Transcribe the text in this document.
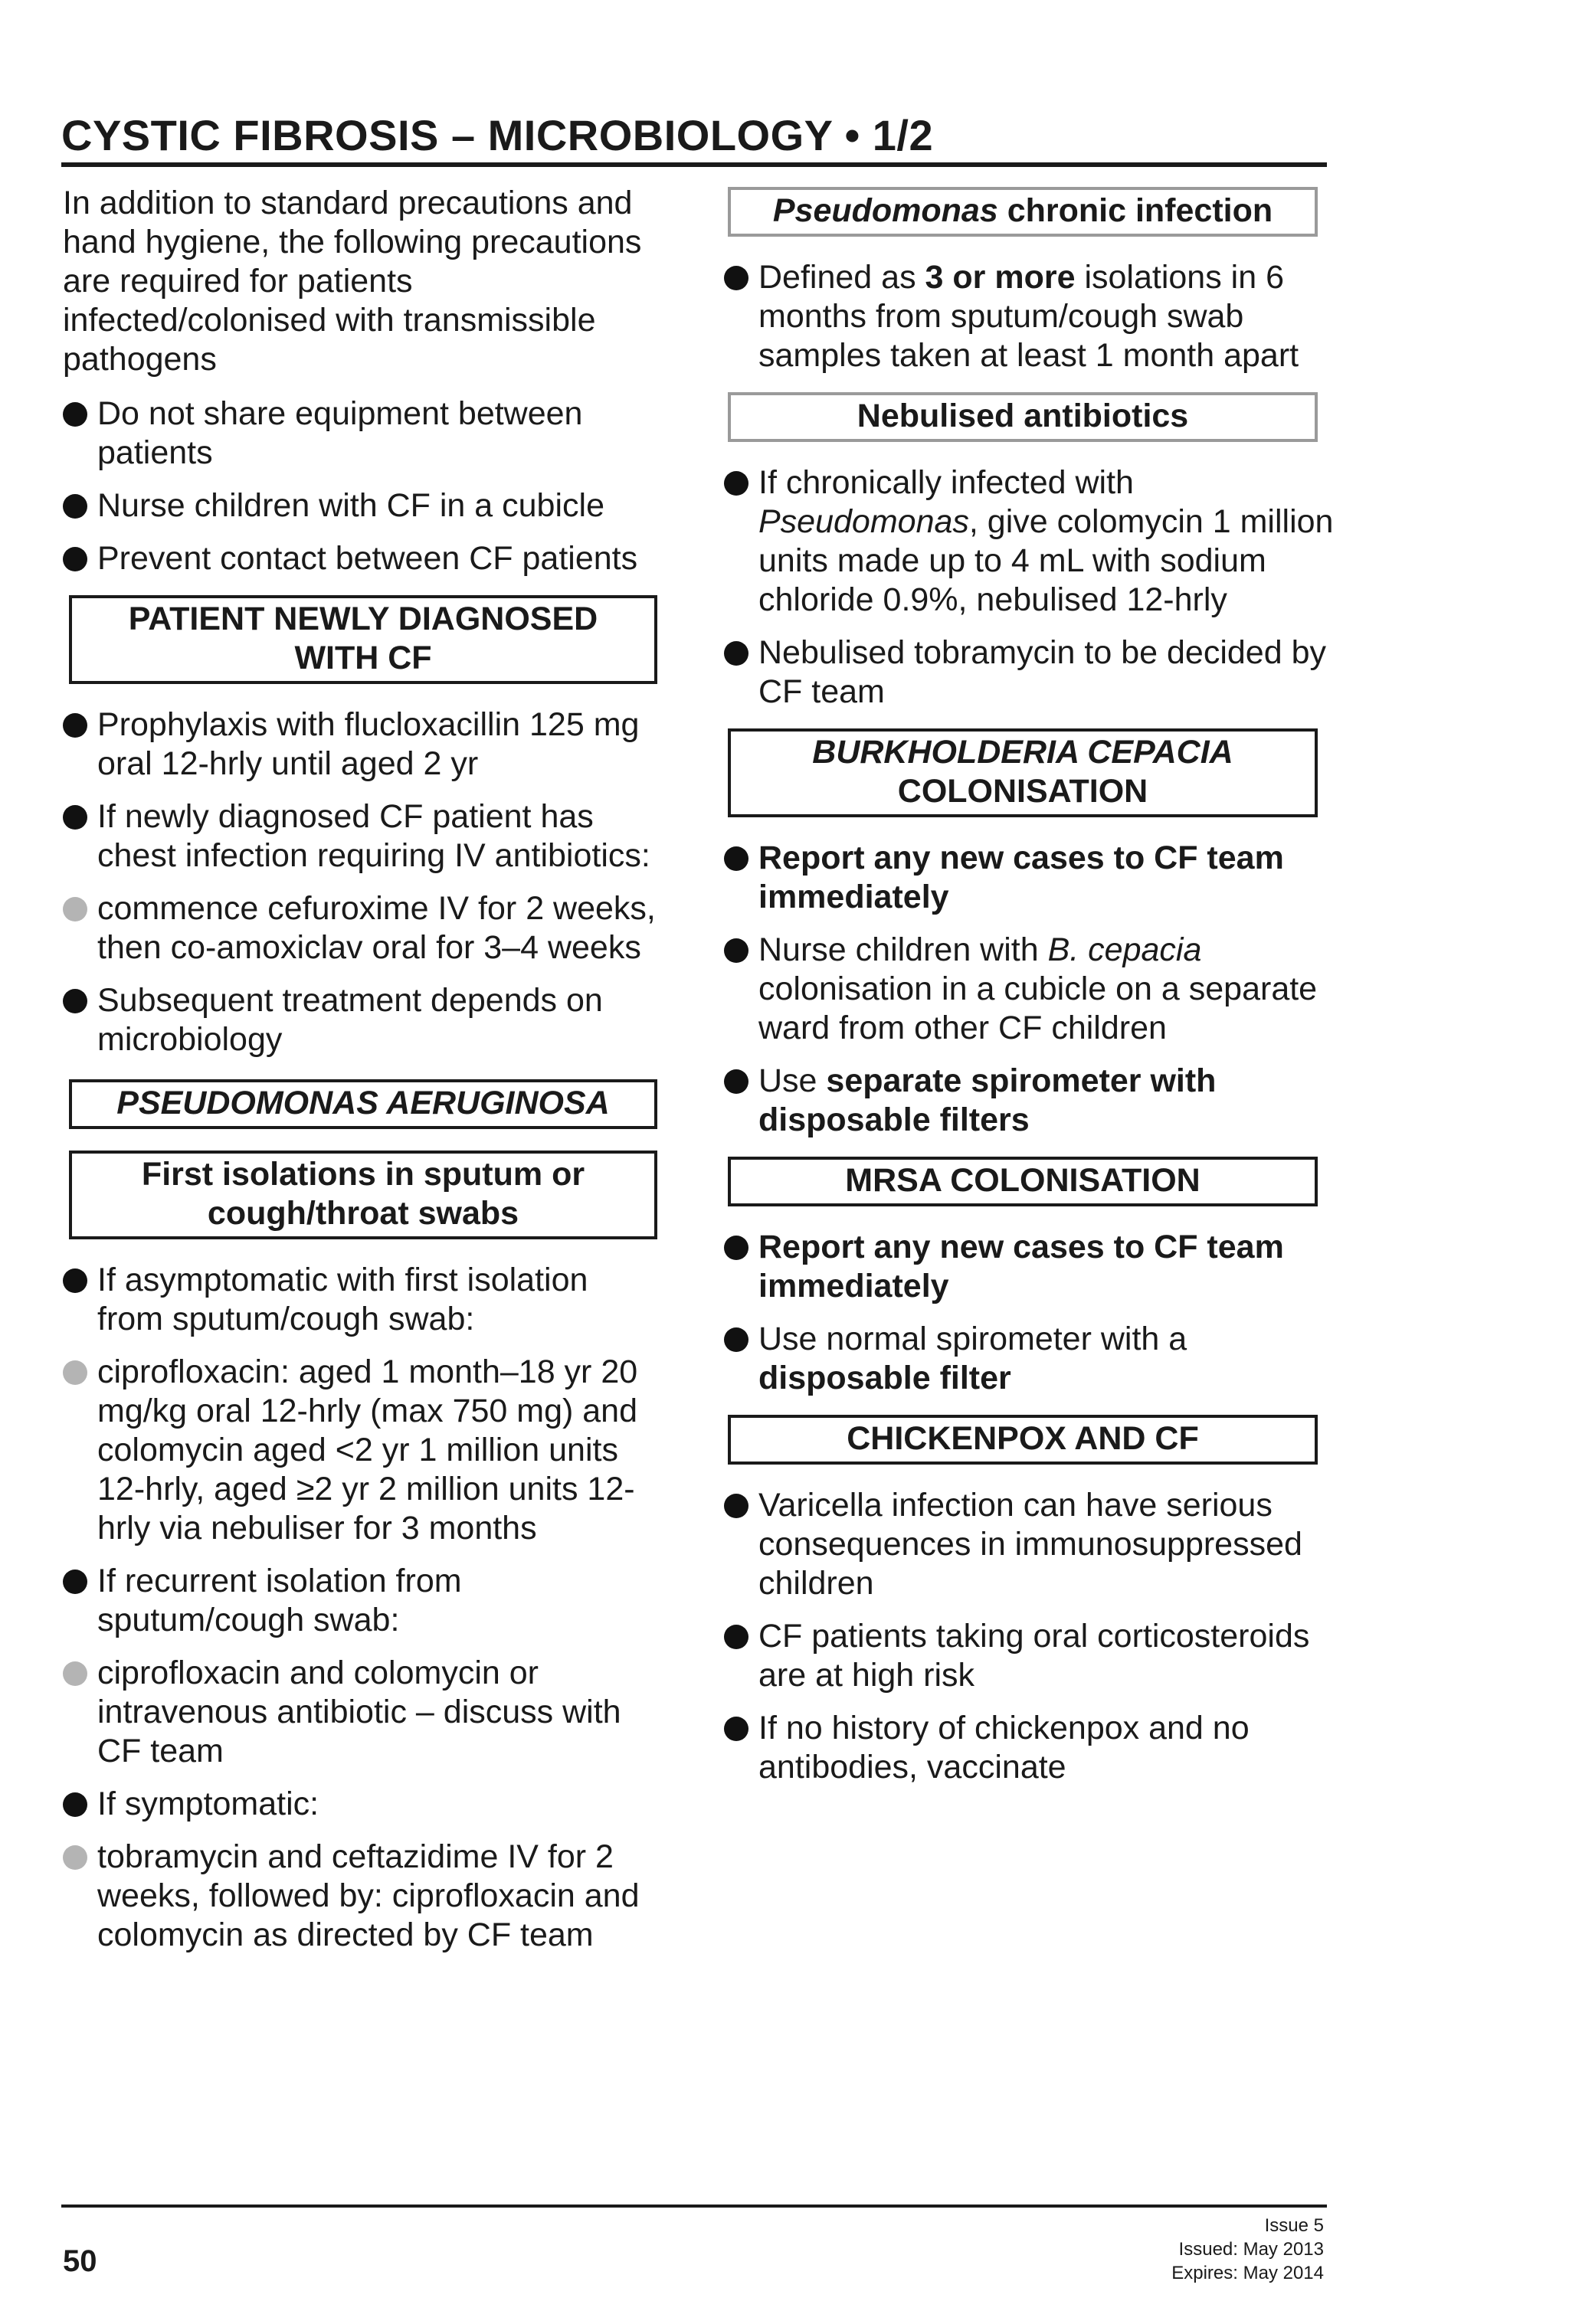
CYSTIC FIBROSIS – MICROBIOLOGY • 1/2

In addition to standard precautions and hand hygiene, the following precautions are required for patients infected/colonised with transmissible pathogens

Do not share equipment between patients
Nurse children with CF in a cubicle
Prevent contact between CF patients
PATIENT NEWLY DIAGNOSED
WITH CF
Prophylaxis with flucloxacillin 125 mg oral 12-hrly until aged 2 yr
If newly diagnosed CF patient has chest infection requiring IV antibiotics:
commence cefuroxime IV for 2 weeks, then co-amoxiclav oral for 3–4 weeks
Subsequent treatment depends on microbiology
PSEUDOMONAS AERUGINOSA
First isolations in sputum or
cough/throat swabs
If asymptomatic with first isolation from sputum/cough swab:
ciprofloxacin: aged 1 month–18 yr 20 mg/kg oral 12-hrly (max 750 mg) and colomycin aged <2 yr 1 million units 12-hrly, aged ≥2 yr 2 million units 12-hrly via nebuliser for 3 months
If recurrent isolation from sputum/cough swab:
ciprofloxacin and colomycin or intravenous antibiotic – discuss with CF team
If symptomatic:
tobramycin and ceftazidime IV for 2 weeks, followed by: ciprofloxacin and colomycin as directed by CF team
Pseudomonas chronic infection
Defined as 3 or more isolations in 6 months from sputum/cough swab samples taken at least 1 month apart
Nebulised antibiotics
If chronically infected with Pseudomonas, give colomycin 1 million units made up to 4 mL with sodium chloride 0.9%, nebulised 12-hrly
Nebulised tobramycin to be decided by CF team
BURKHOLDERIA CEPACIA
COLONISATION
Report any new cases to CF team immediately
Nurse children with B. cepacia colonisation in a cubicle on a separate ward from other CF children
Use separate spirometer with disposable filters
MRSA COLONISATION
Report any new cases to CF team immediately
Use normal spirometer with a disposable filter
CHICKENPOX AND CF
Varicella infection can have serious consequences in immunosuppressed children
CF patients taking oral corticosteroids are at high risk
If no history of chickenpox and no antibodies, vaccinate
50
Issue 5
Issued: May 2013
Expires: May 2014
